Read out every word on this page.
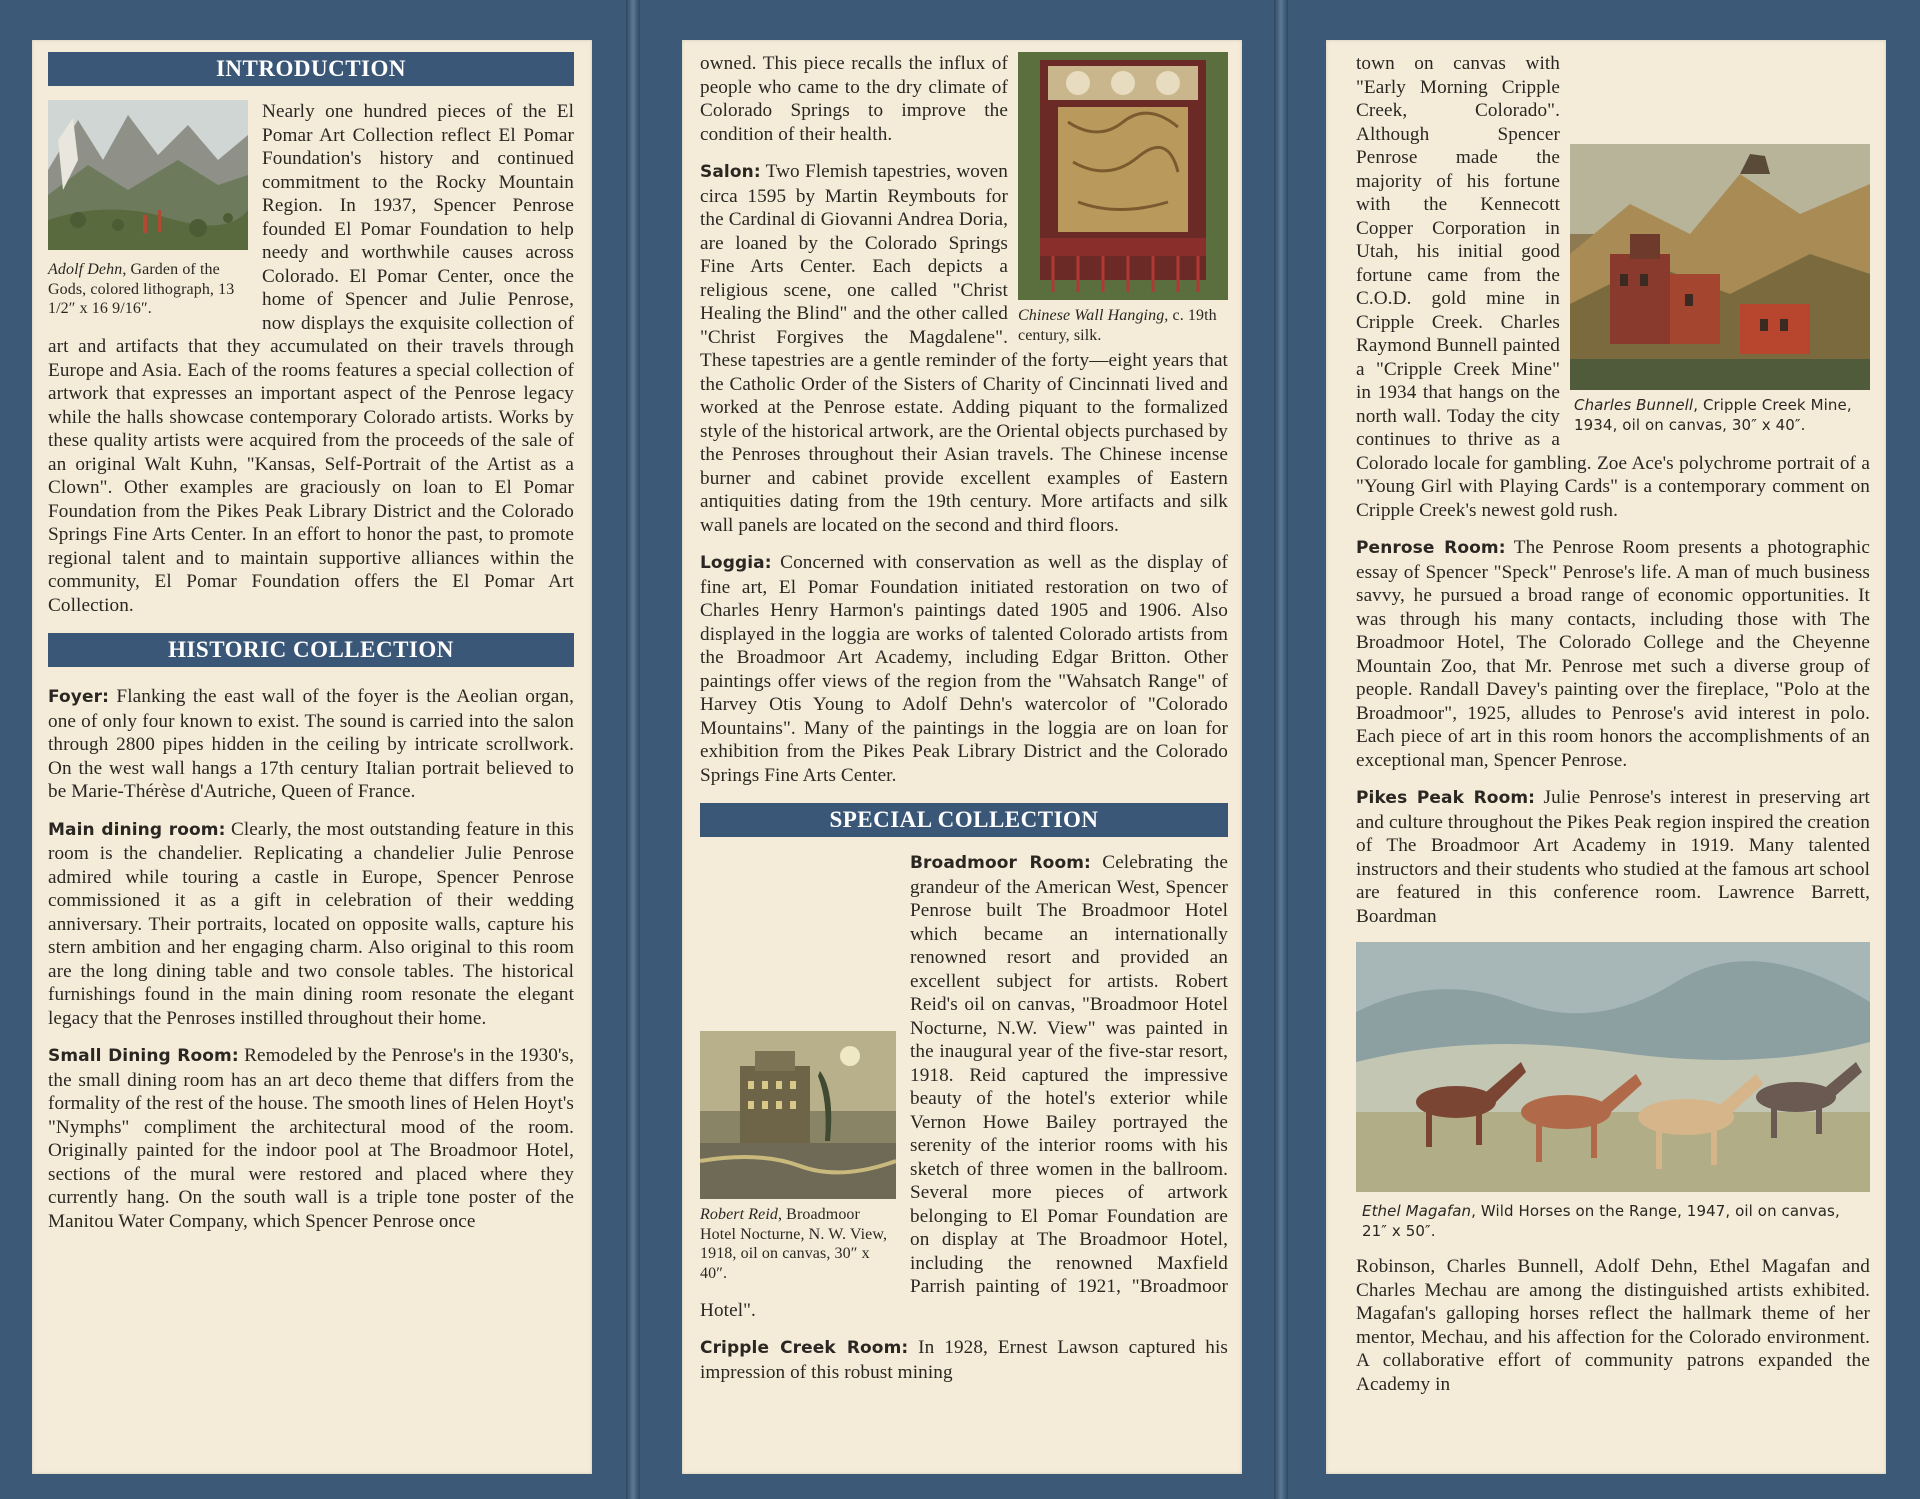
INTRODUCTION
Adolf Dehn, Garden of the Gods, colored lithograph, 13 1/2″ x 16 9/16″.

Nearly one hundred pieces of the El Pomar Art Collection reflect El Pomar Foundation's history and continued commitment to the Rocky Mountain Region. In 1937, Spencer Penrose founded El Pomar Foundation to help needy and worthwhile causes across Colorado. El Pomar Center, once the home of Spencer and Julie Penrose, now displays the exquisite collection of art and artifacts that they accumulated on their travels through Europe and Asia. Each of the rooms features a special collection of artwork that expresses an important aspect of the Penrose legacy while the halls showcase contemporary Colorado artists. Works by these quality artists were acquired from the proceeds of the sale of an original Walt Kuhn, "Kansas, Self-Portrait of the Artist as a Clown". Other examples are graciously on loan to El Pomar Foundation from the Pikes Peak Library District and the Colorado Springs Fine Arts Center. In an effort to honor the past, to promote regional talent and to maintain supportive alliances within the community, El Pomar Foundation offers the El Pomar Art Collection.

HISTORIC COLLECTION

Foyer: Flanking the east wall of the foyer is the Aeolian organ, one of only four known to exist. The sound is carried into the salon through 2800 pipes hidden in the ceiling by intricate scrollwork. On the west wall hangs a 17th century Italian portrait believed to be Marie-Thérèse d'Autriche, Queen of France.

Main dining room: Clearly, the most outstanding feature in this room is the chandelier. Replicating a chandelier Julie Penrose admired while touring a castle in Europe, Spencer Penrose commissioned it as a gift in celebration of their wedding anniversary. Their portraits, located on opposite walls, capture his stern ambition and her engaging charm. Also original to this room are the long dining table and two console tables. The historical furnishings found in the main dining room resonate the elegant legacy that the Penroses instilled throughout their home.

Small Dining Room: Remodeled by the Penrose's in the 1930's, the small dining room has an art deco theme that differs from the formality of the rest of the house. The smooth lines of Helen Hoyt's "Nymphs" compliment the architectural mood of the room. Originally painted for the indoor pool at The Broadmoor Hotel, sections of the mural were restored and placed where they currently hang. On the south wall is a triple tone poster of the Manitou Water Company, which Spencer Penrose once

Chinese Wall Hanging, c. 19th century, silk.

owned. This piece recalls the influx of people who came to the dry climate of Colorado Springs to improve the condition of their health.

Salon: Two Flemish tapestries, woven circa 1595 by Martin Reymbouts for the Cardinal di Giovanni Andrea Doria, are loaned by the Colorado Springs Fine Arts Center. Each depicts a religious scene, one called "Christ Healing the Blind" and the other called "Christ Forgives the Magdalene". These tapestries are a gentle reminder of the forty—eight years that the Catholic Order of the Sisters of Charity of Cincinnati lived and worked at the Penrose estate. Adding piquant to the formalized style of the historical artwork, are the Oriental objects purchased by the Penroses throughout their Asian travels. The Chinese incense burner and cabinet provide excellent examples of Eastern antiquities dating from the 19th century. More artifacts and silk wall panels are located on the second and third floors.

Loggia: Concerned with conservation as well as the display of fine art, El Pomar Foundation initiated restoration on two of Charles Henry Harmon's paintings dated 1905 and 1906. Also displayed in the loggia are works of talented Colorado artists from the Broadmoor Art Academy, including Edgar Britton. Other paintings offer views of the region from the "Wahsatch Range" of Harvey Otis Young to Adolf Dehn's watercolor of "Colorado Mountains". Many of the paintings in the loggia are on loan for exhibition from the Pikes Peak Library District and the Colorado Springs Fine Arts Center.

SPECIAL COLLECTION
Robert Reid, Broadmoor Hotel Nocturne, N. W. View, 1918, oil on canvas, 30″ x 40″.

Broadmoor Room: Celebrating the grandeur of the American West, Spencer Penrose built The Broadmoor Hotel which became an internationally renowned resort and provided an excellent subject for artists. Robert Reid's oil on canvas, "Broadmoor Hotel Nocturne, N.W. View" was painted in the inaugural year of the five-star resort, 1918. Reid captured the impressive beauty of the hotel's exterior while Vernon Howe Bailey portrayed the serenity of the interior rooms with his sketch of three women in the ballroom. Several more pieces of artwork belonging to El Pomar Foundation are on display at The Broadmoor Hotel, including the renowned Maxfield Parrish painting of 1921, "Broadmoor Hotel".

Cripple Creek Room: In 1928, Ernest Lawson captured his impression of this robust mining

Charles Bunnell, Cripple Creek Mine, 1934, oil on canvas, 30″ x 40″.

town on canvas with "Early Morning Cripple Creek, Colorado". Although Spencer Penrose made the majority of his fortune with the Kennecott Copper Corporation in Utah, his initial good fortune came from the C.O.D. gold mine in Cripple Creek. Charles Raymond Bunnell painted a "Cripple Creek Mine" in 1934 that hangs on the north wall. Today the city continues to thrive as a Colorado locale for gambling. Zoe Ace's polychrome portrait of a "Young Girl with Playing Cards" is a contemporary comment on Cripple Creek's newest gold rush.

Penrose Room: The Penrose Room presents a photographic essay of Spencer "Speck" Penrose's life. A man of much business savvy, he pursued a broad range of economic opportunities. It was through his many contacts, including those with The Broadmoor Hotel, The Colorado College and the Cheyenne Mountain Zoo, that Mr. Penrose met such a diverse group of people. Randall Davey's painting over the fireplace, "Polo at the Broadmoor", 1925, alludes to Penrose's avid interest in polo. Each piece of art in this room honors the accomplishments of an exceptional man, Spencer Penrose.

Pikes Peak Room: Julie Penrose's interest in preserving art and culture throughout the Pikes Peak region inspired the creation of The Broadmoor Art Academy in 1919. Many talented instructors and their students who studied at the famous art school are featured in this conference room. Lawrence Barrett, Boardman

Ethel Magafan, Wild Horses on the Range, 1947, oil on canvas, 21″ x 50″.

Robinson, Charles Bunnell, Adolf Dehn, Ethel Magafan and Charles Mechau are among the distinguished artists exhibited. Magafan's galloping horses reflect the hallmark theme of her mentor, Mechau, and his affection for the Colorado environment. A collaborative effort of community patrons expanded the Academy in
